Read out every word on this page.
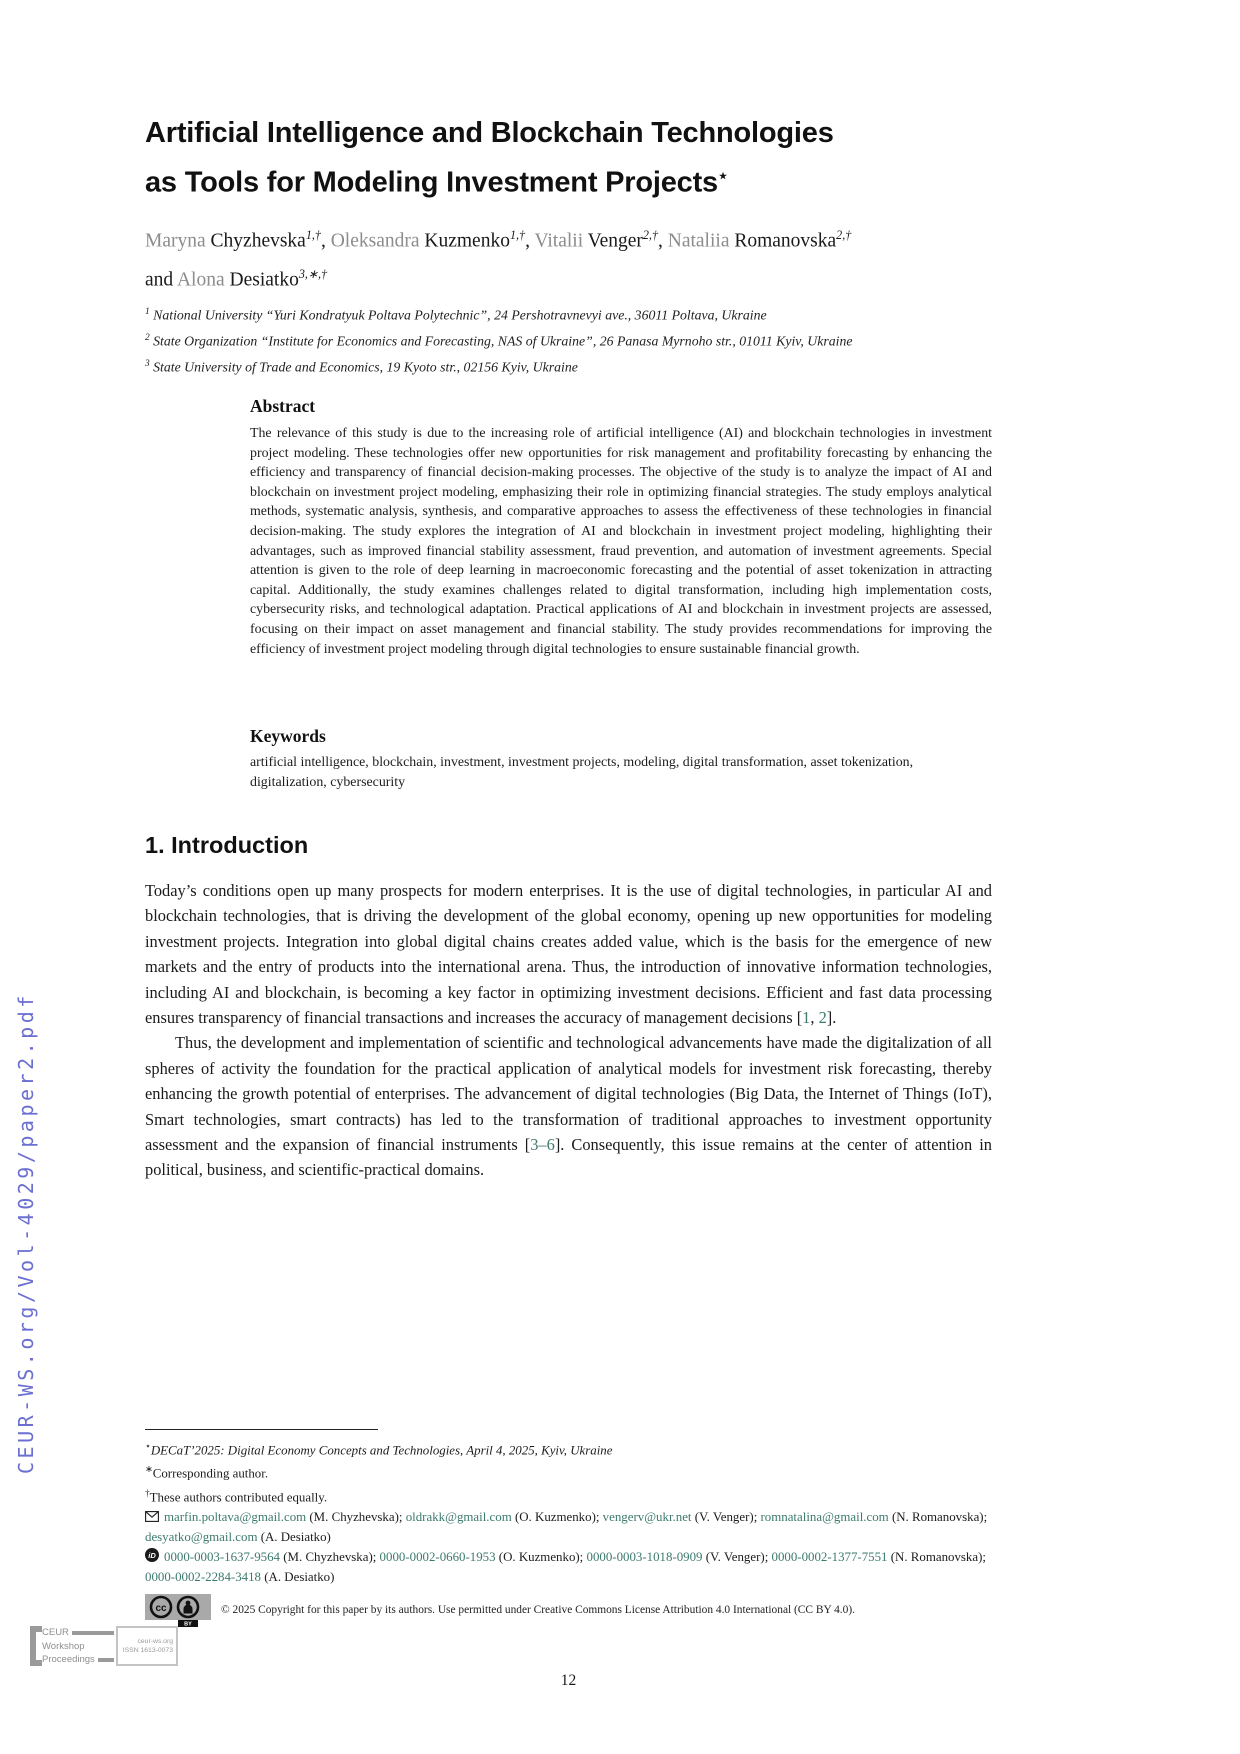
CEUR-WS.org/Vol-4029/paper2.pdf
Artificial Intelligence and Blockchain Technologies
as Tools for Modeling Investment Projects⋆
Maryna Chyzhevska$^{1,\dagger}$, Oleksandra Kuzmenko$^{1,\dagger}$, Vitalii Venger$^{2,\dagger}$, Nataliia Romanovska$^{2,\dagger}$
and Alona Desiatko$^{3,∗,\dagger}$
$^1$ National University “Yuri Kondratyuk Poltava Polytechnic”, 24 Pershotravnevyi ave., 36011 Poltava, Ukraine
$^2$ State Organization “Institute for Economics and Forecasting, NAS of Ukraine”, 26 Panasa Myrnoho str., 01011 Kyiv, Ukraine
$^3$ State University of Trade and Economics, 19 Kyoto str., 02156 Kyiv, Ukraine
Abstract
The relevance of this study is due to the increasing role of artificial intelligence (AI) and blockchain technologies in investment project modeling. These technologies offer new opportunities for risk management and profitability forecasting by enhancing the efficiency and transparency of financial decision-making processes. The objective of the study is to analyze the impact of AI and blockchain on investment project modeling, emphasizing their role in optimizing financial strategies. The study employs analytical methods, systematic analysis, synthesis, and comparative approaches to assess the effectiveness of these technologies in financial decision-making. The study explores the integration of AI and blockchain in investment project modeling, highlighting their advantages, such as improved financial stability assessment, fraud prevention, and automation of investment agreements. Special attention is given to the role of deep learning in macroeconomic forecasting and the potential of asset tokenization in attracting capital. Additionally, the study examines challenges related to digital transformation, including high implementation costs, cybersecurity risks, and technological adaptation. Practical applications of AI and blockchain in investment projects are assessed, focusing on their impact on asset management and financial stability. The study provides recommendations for improving the efficiency of investment project modeling through digital technologies to ensure sustainable financial growth.
Keywords
artificial intelligence, blockchain, investment, investment projects, modeling, digital transformation, asset tokenization, digitalization, cybersecurity
1. Introduction

Today’s conditions open up many prospects for modern enterprises. It is the use of digital technologies, in particular AI and blockchain technologies, that is driving the development of the global economy, opening up new opportunities for modeling investment projects. Integration into global digital chains creates added value, which is the basis for the emergence of new markets and the entry of products into the international arena. Thus, the introduction of innovative information technologies, including AI and blockchain, is becoming a key factor in optimizing investment decisions. Efficient and fast data processing ensures transparency of financial transactions and increases the accuracy of management decisions [1, 2].

Thus, the development and implementation of scientific and technological advancements have made the digitalization of all spheres of activity the foundation for the practical application of analytical models for investment risk forecasting, thereby enhancing the growth potential of enterprises. The advancement of digital technologies (Big Data, the Internet of Things (IoT), Smart technologies, smart contracts) has led to the transformation of traditional approaches to investment opportunity assessment and the expansion of financial instruments [3–6]. Consequently, this issue remains at the center of attention in political, business, and scientific-practical domains.

⋆DECaT’2025: Digital Economy Concepts and Technologies, April 4, 2025, Kyiv, Ukraine
∗Corresponding author.
†These authors contributed equally.
marfin.poltava@gmail.com (M. Chyzhevska); oldrakk@gmail.com (O. Kuzmenko); vengerv@ukr.net (V. Venger); romnatalina@gmail.com (N. Romanovska); desyatko@gmail.com (A. Desiatko)
iD 0000-0003-1637-9564 (M. Chyzhevska); 0000-0002-0660-1953 (O. Kuzmenko); 0000-0003-1018-0909 (V. Venger); 0000-0002-1377-7551 (N. Romanovska); 0000-0002-2284-3418 (A. Desiatko)
cc
BY
© 2025 Copyright for this paper by its authors. Use permitted under Creative Commons License Attribution 4.0 International (CC BY 4.0).
CEUR
Workshop
Proceedings
ceur-ws.org
ISSN 1613-0073
12
